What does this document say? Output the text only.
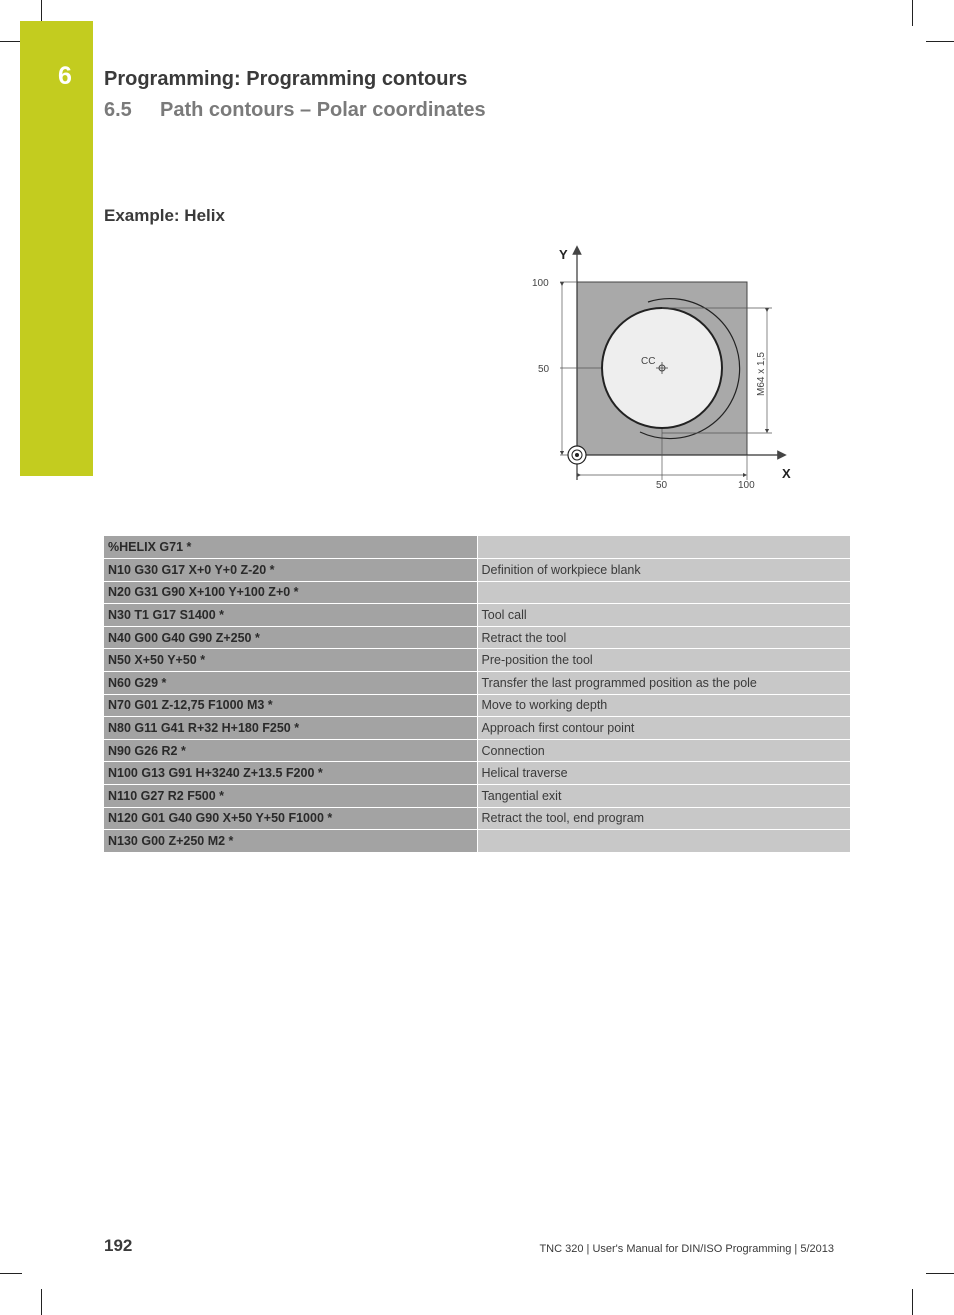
6 Programming: Programming contours
6.5 Path contours – Polar coordinates
Example: Helix
Y
X
100
50
50	100
CC	M64 x 1,5
%HELIX G71 *	
N10 G30 G17 X+0 Y+0 Z-20 *	Definition of workpiece blank
N20 G31 G90 X+100 Y+100 Z+0 *	
N30 T1 G17 S1400 *	Tool call
N40 G00 G40 G90 Z+250 *	Retract the tool
N50 X+50 Y+50 *	Pre-position the tool
N60 G29 *	Transfer the last programmed position as the pole
N70 G01 Z-12,75 F1000 M3 *	Move to working depth
N80 G11 G41 R+32 H+180 F250 *	Approach first contour point
N90 G26 R2 *	Connection
N100 G13 G91 H+3240 Z+13.5 F200 *	Helical traverse
N110 G27 R2 F500 *	Tangential exit
N120 G01 G40 G90 X+50 Y+50 F1000 *	Retract the tool, end program
N130 G00 Z+250 M2 *	
192	TNC 320 | User's Manual for DIN/ISO Programming | 5/2013
